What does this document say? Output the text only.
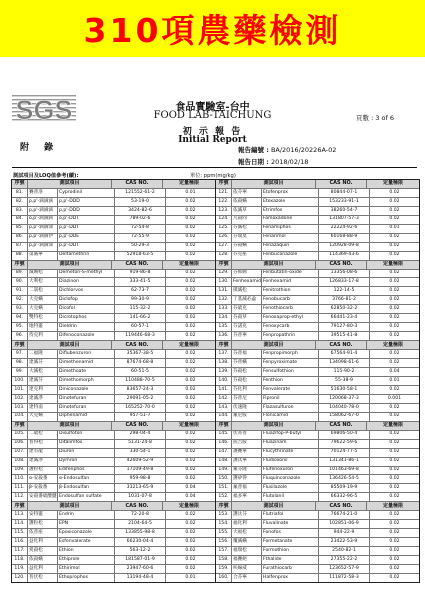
310項農藥檢測
SGS	食品實驗室-台中
FOOD LAB-TAICHUNG
初 示 報 告
Initial Report
頁數 : 3 of 6
附 錄	報告編號 : BA/2016/20226A-02
報告日期 : 2018/02/18
測試項目及LOQ值參考(續):	單位: ppm(mg/kg)
序號	測試項目	CAS NO.	定量極限
81.	賽普洛	Cyprodinil	121552-61-2	0.01
82.	p,p'-滴滴滴	p,p'-DDD	53-19-0	0.02
83.	p,p'-滴滴滴	p,p'-DDD	3424-82-6	0.02
84.	o,p'-滴滴滴	o,p'-DDT	789-02-6	0.02
85.	p,p'-滴滴涕	p,p'-DDT	72-54-8	0.02
86.	p,p'-滴滴伊	p,p'-DDE	72-55-9	0.02
87.	p,p'-滴滴涕	p,p'-DDT	50-29-3	0.02
88.	第滅寧	Deltamethrin	52918-63-5	0.02
序號	測試項目	CAS NO.	定量極限
89.	滅賜松	Demeton-S-methyl	919-86-8	0.02
90.	大利松	Diazinon	333-41-5	0.02
91.	二氯松	Dichlorvos	62-73-7	0.02
92.	大克螨	Diclofop	99-30-9	0.02
93.	大克螨	Dicofol	115-32-2	0.02
94.	雙特松	Dicrotophos	141-66-2	0.02
95.	地特靈	Dieldrin	60-57-1	0.02
96.	待克利	Difenoconazole	119446-68-3	0.02
序號	測試項目	CAS NO.	定量極限
97.	二福隆	Diflubenzuron	35367-38-5	0.02
98.	達滅芬	Dimethenamid	87674-68-8	0.02
99.	大滅松	Dimethoate	60-51-5	0.02
100. 達滅芬	Dimethomorph	110488-70-5	0.02
101. 達克利	Diniconazole	83657-24-3	0.02
102. 達滅淨	Dinotefuran	29091-05-2	0.02
103. 達特南	Dinotefuran	165252-70-0	0.02
104. 大克螨	Diphenamid	957-51-7	0.02
序號	測試項目	CAS NO.	定量極限
105. 二硫松	Disulfoton	298-04-4	0.02
106. 普得松	Ditalimfos	5131-24-8	0.02
107. 達有龍	Diuron	330-54-1	0.02
108. 達滅淨	Dymron	42609-52-9	0.02
109. 護粒松	Edifenphos	17109-49-8	0.02
110. α-安殺番	α-Endosulfan	959-98-8	0.02
111. β-安殺番	β-Endosulfan	33213-65-9	0.04
112. 安殺番硫酸鹽 Endosulfan sulfate	1031-07-8	0.04
序號	測試項目	CAS NO.	定量極限
113. 安特靈	Endrin	72-20-8	0.02
114. 護粒松	EPN	2104-64-5	0.02
115. 依普座	Epoxiconazole	133855-98-8	0.02
116. 益化利	Esfenvalerate	66230-04-4	0.02
117. 愛殺松	Ethion	563-12-2	0.02
118. 依殺螨	Ethiprole	181587-01-9	0.02
119. 益化利	Ethirimol	23947-60-6	0.02
120. 普伏松	Ethoprophos	13194-48-4	0.01
序號	測試項目	CAS NO.	定量極限
121. 依芬寧	Etofenprox	80844-07-1	0.02
122. 依殺螨	Etoxazole	153233-91-1	0.02
123. 依滅草	Etrimfos	38260-54-7	0.02
124. 凡殺同	Famoxadone	131807-57-3	0.02
125. 芬滅松	Fenamiphos	22224-92-6	0.01
126. 芬瑞莫	Fenarimol	60168-88-9	0.02
127. 芬殺螨	Fenazaquin	120928-09-8	0.02
128. 芬克座	Fenbuconazole	114369-43-6	0.02
序號	測試項目	CAS NO.	定量極限
129. 芬佈賜	Fenbutatin-oxide	13356-08-6	0.02
130. Fenhexamid Fenhexamid	126833-17-8	0.02
131. 撲滅松	Fenitrothion	122-14-5	0.02
132. 丁基滅必蝨	Fenobucarb	3766-81-2	0.02
133. 芬硫克	Fenothiocarb	62850-32-2	0.02
134. 芬殺草	Fenoxaprop-ethyl	66441-23-4	0.02
135. 芬諾克	Fenoxycarb	79127-80-3	0.02
136. 芬普寧	Fenpropathrin	39515-41-8	0.02
序號	測試項目	CAS NO.	定量極限
137. 芬普福	Fenpropimorph	67564-91-4	0.02
138. 芬普螨	Fenpyroximate	134098-61-6	0.02
139. 芬殺松	Fensulfothion	115-90-2	0.04
140. 芬殺松	Fenthion	55-38-9	0.01
141. 芬化利	Fenvalerate	51630-58-1	0.02
142. 芬普尼	Fipronil	120068-37-3	0.001
143. 伏速隆	Flazasulfuron	104040-78-0	0.02
144. 氟尼胺	Flonicamid	158062-67-0	0.02
序號	測試項目	CAS NO.	定量極限
145. 伏寄普	Fluazifop-P-butyl	69806-50-4	0.02
146. 扶吉胺	Fluazinam	79622-59-6	0.02
147. 護賽寧	Flucythrinate	70124-77-5	0.02
148. 護汰寧	Fludioxonil	131341-86-1	0.02
149. 氟芬隆	Flufenoxuron	101463-69-8	0.02
150. 護矽得	Fluquinconazole	136426-54-5	0.02
151. 氟普福	Flusilazole	85509-19-9	0.02
152. 福多寧	Flutolanil	66332-96-5	0.02
序號	測試項目	CAS NO.	定量極限
153. 護汰芬	Flutriafol	76674-21-0	0.02
154. 福化利	Fluvalinate	102851-06-9	0.02
155. 大福松	Fonofos	944-22-9	0.02
156. 覆滅螨	Formetanate	23422-53-9	0.02
157. 福瑞松	Formothion	2540-82-1	0.02
158. 福賽絕	Fthalide	27355-22-2	0.02
159. 呋線威	Furathiocarb	123652-57-9	0.02
160. 合芬寧	Halfenprox	111872-58-3	0.02
